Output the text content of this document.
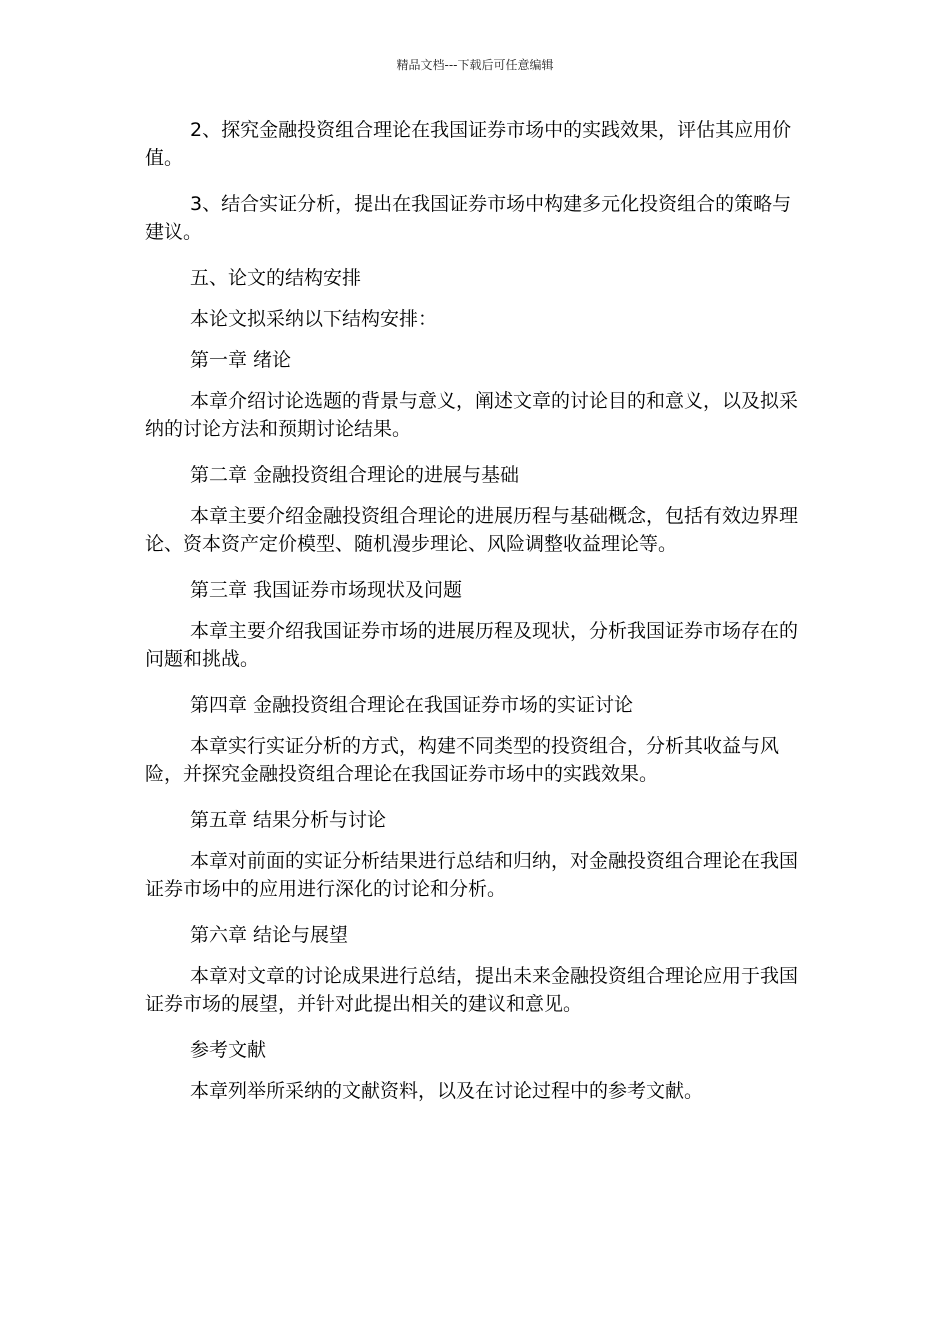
精品文档---下载后可任意编辑

2、探究金融投资组合理论在我国证券市场中的实践效果，评估其应用价值。

3、结合实证分析，提出在我国证券市场中构建多元化投资组合的策略与建议。

五、论文的结构安排

本论文拟采纳以下结构安排：

第一章 绪论

本章介绍讨论选题的背景与意义，阐述文章的讨论目的和意义，以及拟采纳的讨论方法和预期讨论结果。

第二章 金融投资组合理论的进展与基础

本章主要介绍金融投资组合理论的进展历程与基础概念，包括有效边界理论、资本资产定价模型、随机漫步理论、风险调整收益理论等。

第三章 我国证券市场现状及问题

本章主要介绍我国证券市场的进展历程及现状，分析我国证券市场存在的问题和挑战。

第四章 金融投资组合理论在我国证券市场的实证讨论

本章实行实证分析的方式，构建不同类型的投资组合，分析其收益与风险，并探究金融投资组合理论在我国证券市场中的实践效果。

第五章 结果分析与讨论

本章对前面的实证分析结果进行总结和归纳，对金融投资组合理论在我国证券市场中的应用进行深化的讨论和分析。

第六章 结论与展望

本章对文章的讨论成果进行总结，提出未来金融投资组合理论应用于我国证券市场的展望，并针对此提出相关的建议和意见。

参考文献

本章列举所采纳的文献资料，以及在讨论过程中的参考文献。
